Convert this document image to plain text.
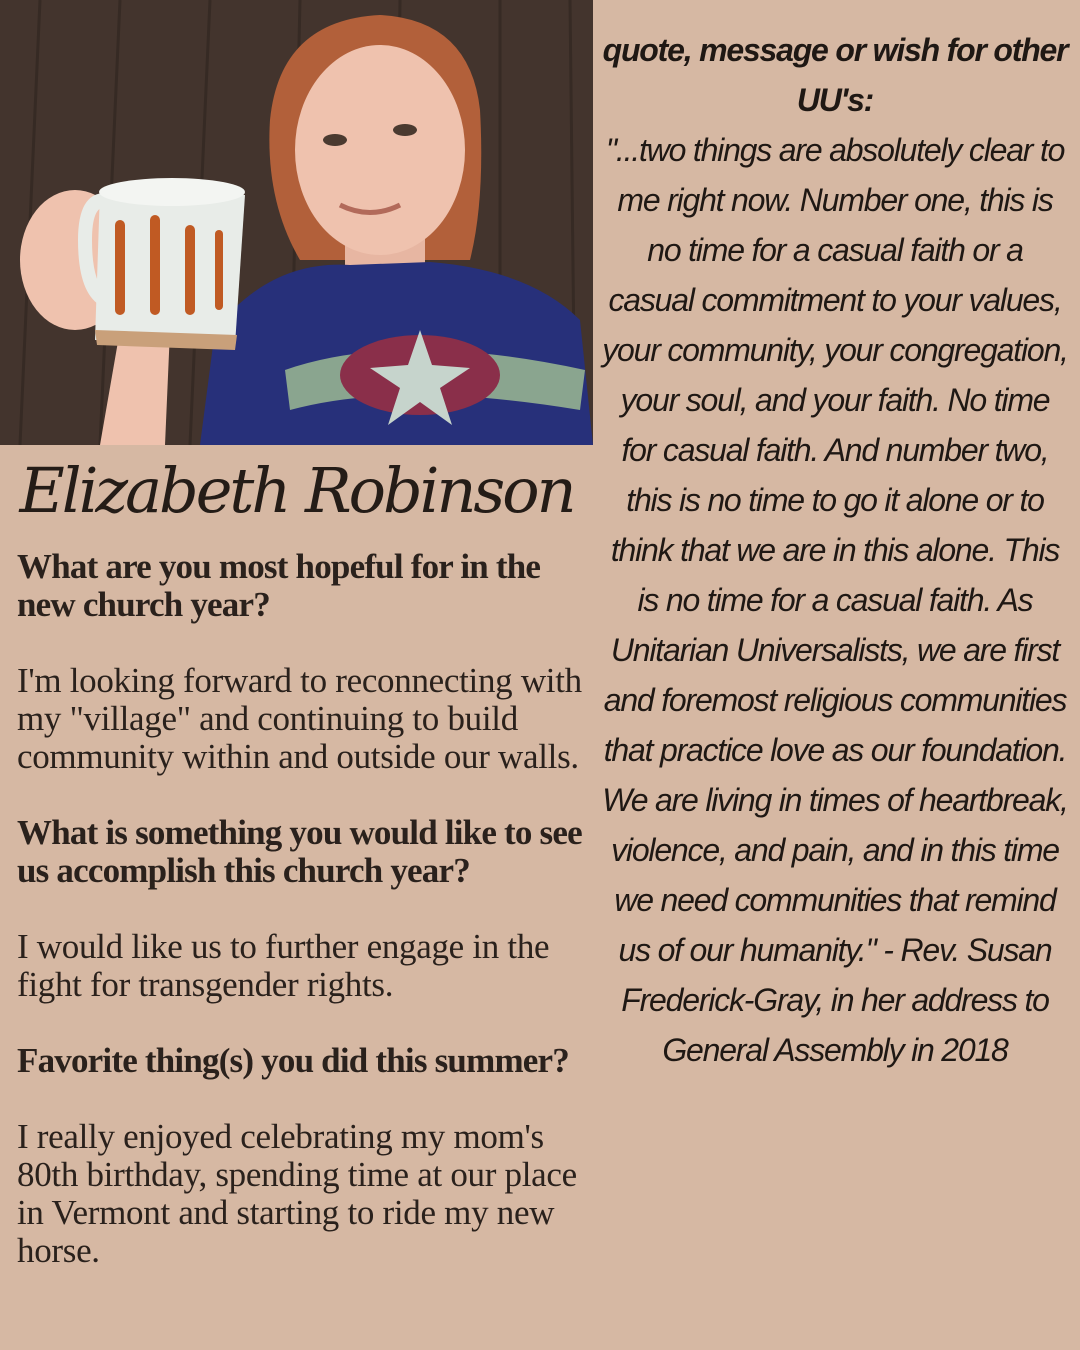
Elizabeth Robinson

What are you most hopeful for in the new church year?

I'm looking forward to reconnecting with my "village" and continuing to build community within and outside our walls.

What is something you would like to see us accomplish this church year?

I would like us to further engage in the fight for transgender rights.

Favorite thing(s) you did this summer?

I really enjoyed celebrating my mom's 80th birthday, spending time at our place in Vermont and starting to ride my new horse.

quote, message or wish for other UU's:
"...two things are absolutely clear to me right now. Number one, this is no time for a casual faith or a casual commitment to your values, your community, your congregation, your soul, and your faith. No time for casual faith. And number two, this is no time to go it alone or to think that we are in this alone. This is no time for a casual faith. As Unitarian Universalists, we are first and foremost religious communities that practice love as our foundation. We are living in times of heartbreak, violence, and pain, and in this time we need communities that remind us of our humanity." - Rev. Susan Frederick-Gray, in her address to General Assembly in 2018
